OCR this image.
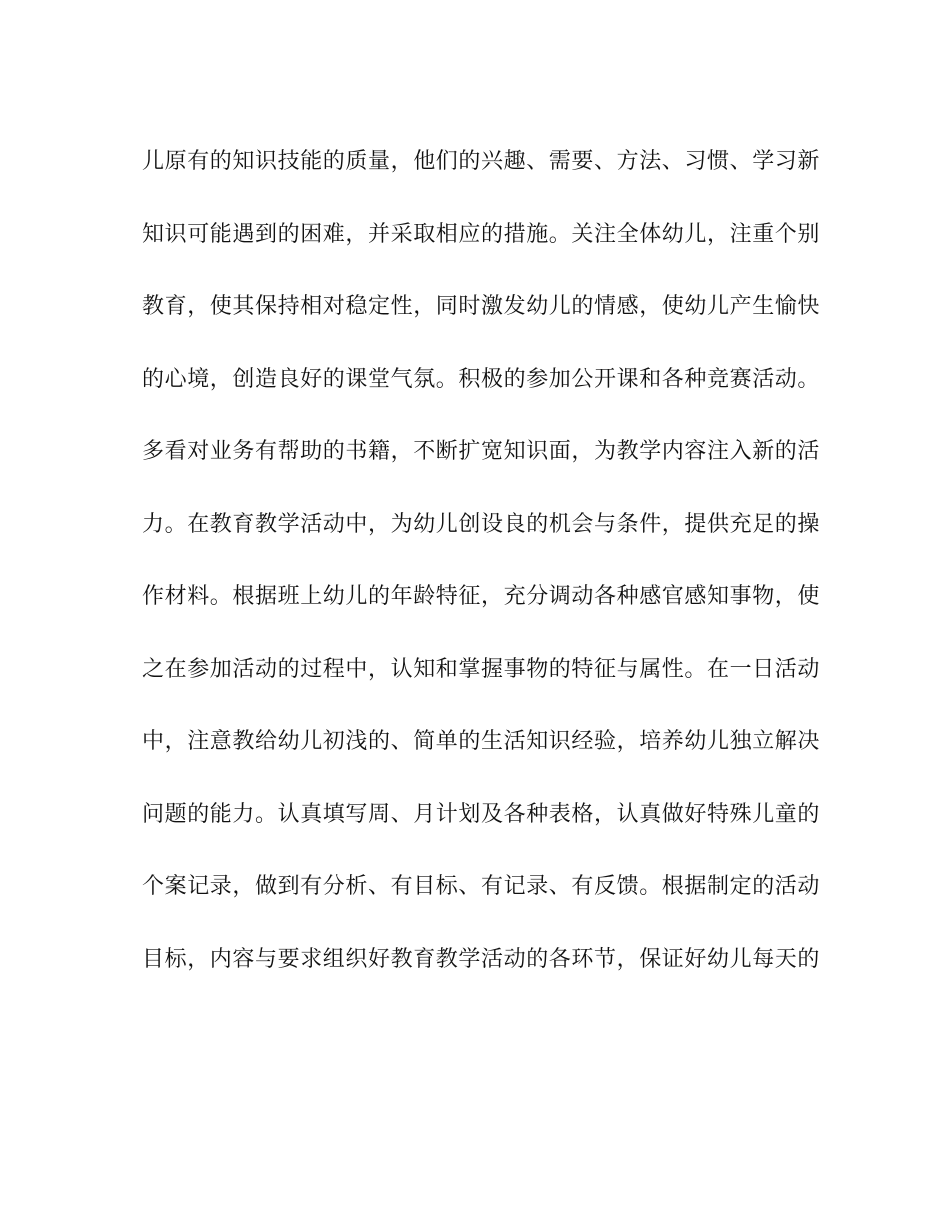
儿原有的知识技能的质量，他们的兴趣、需要、方法、习惯、学习新
知识可能遇到的困难，并采取相应的措施。关注全体幼儿，注重个别
教育，使其保持相对稳定性，同时激发幼儿的情感，使幼儿产生愉快
的心境，创造良好的课堂气氛。积极的参加公开课和各种竞赛活动。
多看对业务有帮助的书籍，不断扩宽知识面，为教学内容注入新的活
力。在教育教学活动中，为幼儿创设良的机会与条件，提供充足的操
作材料。根据班上幼儿的年龄特征，充分调动各种感官感知事物，使
之在参加活动的过程中，认知和掌握事物的特征与属性。在一日活动
中，注意教给幼儿初浅的、简单的生活知识经验，培养幼儿独立解决
问题的能力。认真填写周、月计划及各种表格，认真做好特殊儿童的
个案记录，做到有分析、有目标、有记录、有反馈。根据制定的活动
目标，内容与要求组织好教育教学活动的各环节，保证好幼儿每天的
